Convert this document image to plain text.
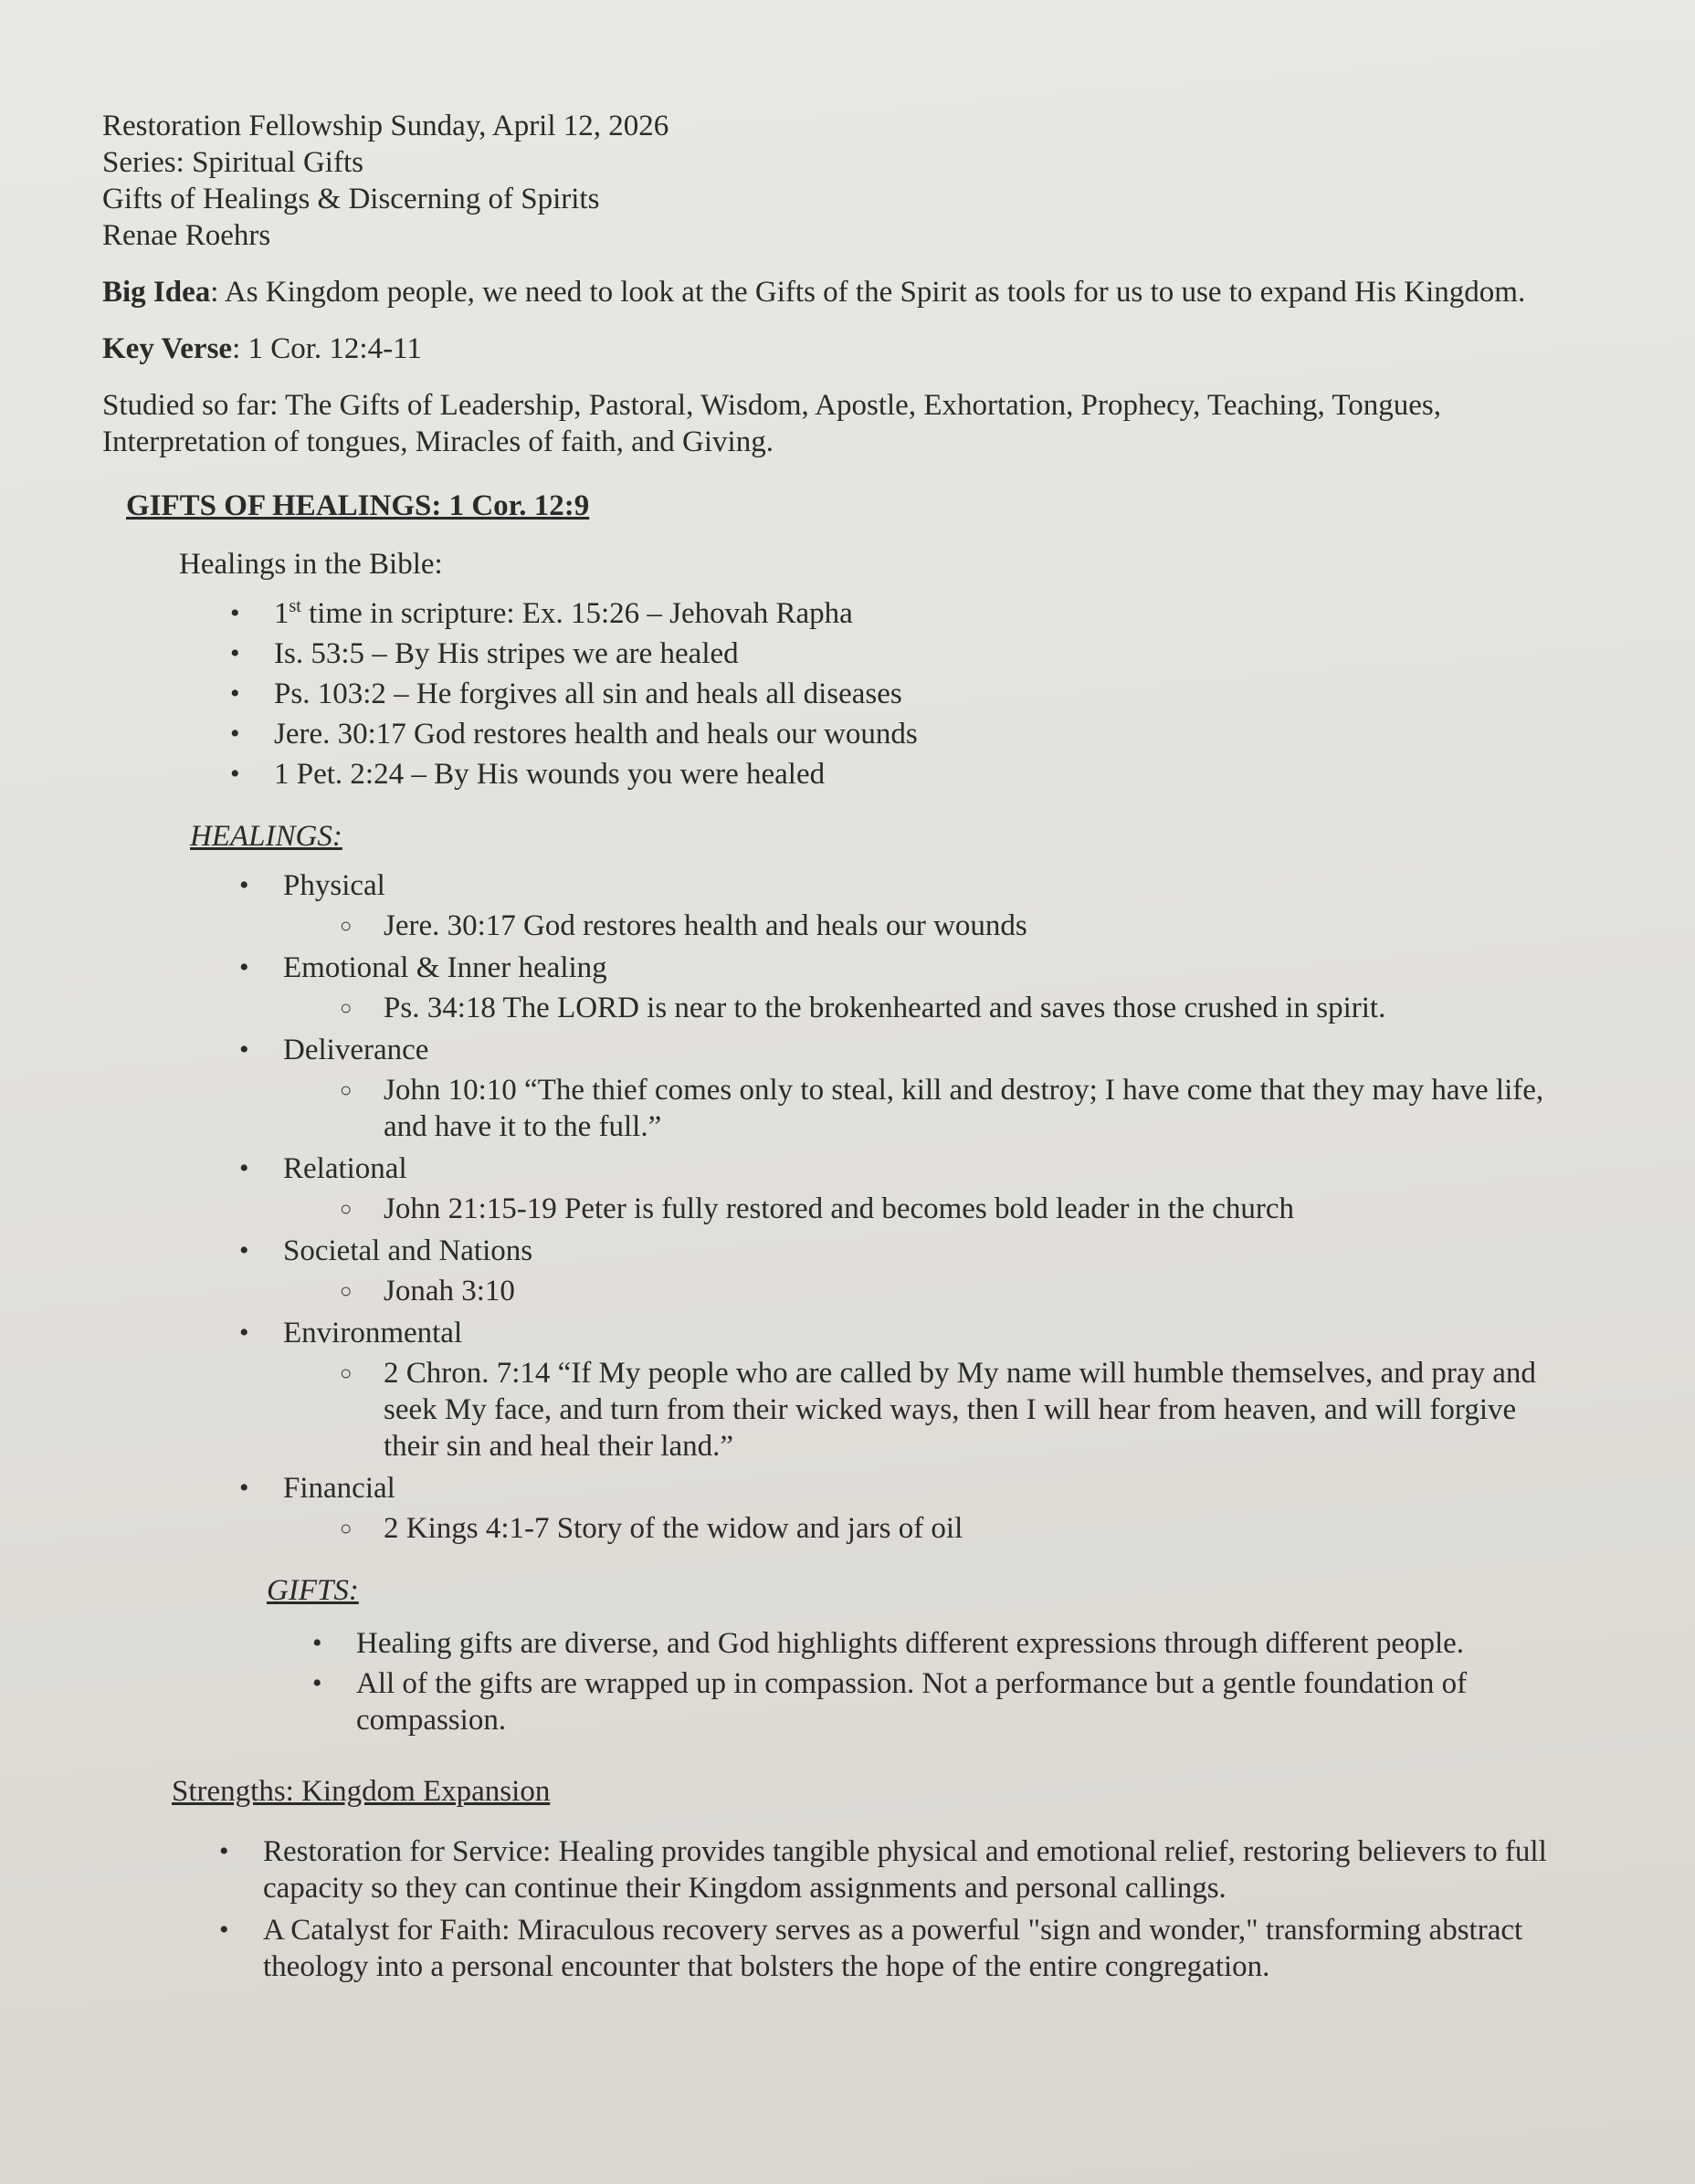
Restoration Fellowship Sunday, April 12, 2026

Series: Spiritual Gifts

Gifts of Healings & Discerning of Spirits

Renae Roehrs

Big Idea: As Kingdom people, we need to look at the Gifts of the Spirit as tools for us to use to expand His Kingdom.

Key Verse: 1 Cor. 12:4-11

Studied so far: The Gifts of Leadership, Pastoral, Wisdom, Apostle, Exhortation, Prophecy, Teaching, Tongues, Interpretation of tongues, Miracles of faith, and Giving.

GIFTS OF HEALINGS: 1 Cor. 12:9

Healings in the Bible:

• 1st time in scripture: Ex. 15:26 – Jehovah Rapha
• Is. 53:5 – By His stripes we are healed
• Ps. 103:2 – He forgives all sin and heals all diseases
• Jere. 30:17 God restores health and heals our wounds
• 1 Pet. 2:24 – By His wounds you were healed

HEALINGS:

• Physical
○ Jere. 30:17 God restores health and heals our wounds
• Emotional & Inner healing
○ Ps. 34:18 The LORD is near to the brokenhearted and saves those crushed in spirit.
• Deliverance
○ John 10:10 “The thief comes only to steal, kill and destroy; I have come that they may have life, and have it to the full.”
• Relational
○ John 21:15-19 Peter is fully restored and becomes bold leader in the church
• Societal and Nations
○ Jonah 3:10
• Environmental
○ 2 Chron. 7:14 “If My people who are called by My name will humble themselves, and pray and seek My face, and turn from their wicked ways, then I will hear from heaven, and will forgive their sin and heal their land.”
• Financial
○ 2 Kings 4:1-7 Story of the widow and jars of oil

GIFTS:

• Healing gifts are diverse, and God highlights different expressions through different people.
• All of the gifts are wrapped up in compassion. Not a performance but a gentle foundation of compassion.

Strengths: Kingdom Expansion

• Restoration for Service: Healing provides tangible physical and emotional relief, restoring believers to full capacity so they can continue their Kingdom assignments and personal callings.
• A Catalyst for Faith: Miraculous recovery serves as a powerful "sign and wonder," transforming abstract theology into a personal encounter that bolsters the hope of the entire congregation.
